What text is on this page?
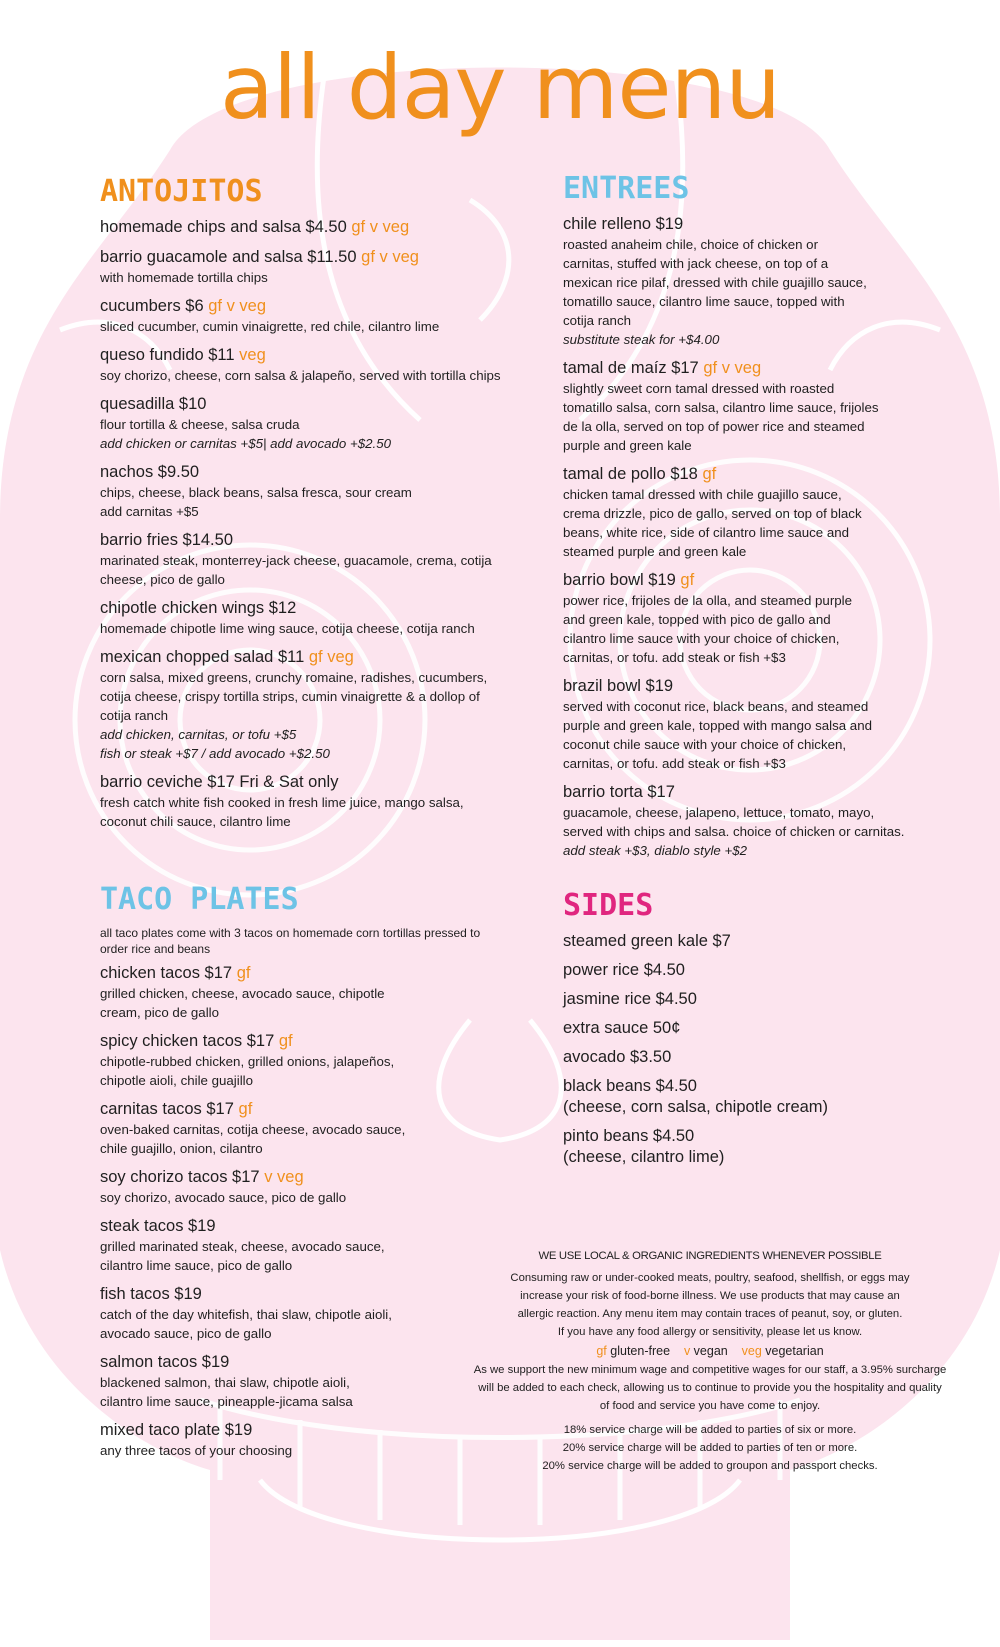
all day menu
ANTOJITOS
homemade chips and salsa $4.50 gf v veg
barrio guacamole and salsa $11.50 gf v veg
with homemade tortilla chips
cucumbers $6 gf v veg
sliced cucumber, cumin vinaigrette, red chile, cilantro lime
queso fundido $11 veg
soy chorizo, cheese, corn salsa & jalapeño, served with tortilla chips
quesadilla $10
flour tortilla & cheese, salsa cruda
add chicken or carnitas +$5| add avocado +$2.50
nachos $9.50
chips, cheese, black beans, salsa fresca, sour cream
add carnitas +$5
barrio fries $14.50
marinated steak, monterrey-jack cheese, guacamole, crema, cotija
cheese, pico de gallo
chipotle chicken wings $12
homemade chipotle lime wing sauce, cotija cheese, cotija ranch
mexican chopped salad $11 gf veg
corn salsa, mixed greens, crunchy romaine, radishes, cucumbers,
cotija cheese, crispy tortilla strips, cumin vinaigrette & a dollop of
cotija ranch
add chicken, carnitas, or tofu +$5
fish or steak +$7 / add avocado +$2.50
barrio ceviche $17 Fri & Sat only
fresh catch white fish cooked in fresh lime juice, mango salsa,
coconut chili sauce, cilantro lime
TACO PLATES
all taco plates come with 3 tacos on homemade corn tortillas pressed to
order rice and beans
chicken tacos $17 gf
grilled chicken, cheese, avocado sauce, chipotle
cream, pico de gallo
spicy chicken tacos $17 gf
chipotle-rubbed chicken, grilled onions, jalapeños,
chipotle aioli, chile guajillo
carnitas tacos $17 gf
oven-baked carnitas, cotija cheese, avocado sauce,
chile guajillo, onion, cilantro
soy chorizo tacos $17 v veg
soy chorizo, avocado sauce, pico de gallo
steak tacos $19
grilled marinated steak, cheese, avocado sauce,
cilantro lime sauce, pico de gallo
fish tacos $19
catch of the day whitefish, thai slaw, chipotle aioli,
avocado sauce, pico de gallo
salmon tacos $19
blackened salmon, thai slaw, chipotle aioli,
cilantro lime sauce, pineapple-jicama salsa
mixed taco plate $19
any three tacos of your choosing
ENTREES
chile relleno $19
roasted anaheim chile, choice of chicken or
carnitas, stuffed with jack cheese, on top of a
mexican rice pilaf, dressed with chile guajillo sauce,
tomatillo sauce, cilantro lime sauce, topped with
cotija ranch
substitute steak for +$4.00
tamal de maíz $17 gf v veg
slightly sweet corn tamal dressed with roasted
tomatillo salsa, corn salsa, cilantro lime sauce, frijoles
de la olla, served on top of power rice and steamed
purple and green kale
tamal de pollo $18 gf
chicken tamal dressed with chile guajillo sauce,
crema drizzle, pico de gallo, served on top of black
beans, white rice, side of cilantro lime sauce and
steamed purple and green kale
barrio bowl $19 gf
power rice, frijoles de la olla, and steamed purple
and green kale, topped with pico de gallo and
cilantro lime sauce with your choice of chicken,
carnitas, or tofu. add steak or fish +$3
brazil bowl $19
served with coconut rice, black beans, and steamed
purple and green kale, topped with mango salsa and
coconut chile sauce with your choice of chicken,
carnitas, or tofu. add steak or fish +$3
barrio torta $17
guacamole, cheese, jalapeno, lettuce, tomato, mayo,
served with chips and salsa. choice of chicken or carnitas.
add steak +$3, diablo style +$2
SIDES
steamed green kale $7
power rice $4.50
jasmine rice $4.50
extra sauce 50¢
avocado $3.50
black beans $4.50
(cheese, corn salsa, chipotle cream)
pinto beans $4.50
(cheese, cilantro lime)
WE USE LOCAL & ORGANIC INGREDIENTS WHENEVER POSSIBLE

Consuming raw or under-cooked meats, poultry, seafood, shellfish, or eggs may

increase your risk of food-borne illness. We use products that may cause an

allergic reaction. Any menu item may contain traces of peanut, soy, or gluten.

If you have any food allergy or sensitivity, please let us know.

gf gluten-free v vegan veg vegetarian

As we support the new minimum wage and competitive wages for our staff, a 3.95% surcharge

will be added to each check, allowing us to continue to provide you the hospitality and quality

of food and service you have come to enjoy.

18% service charge will be added to parties of six or more.

20% service charge will be added to parties of ten or more.

20% service charge will be added to groupon and passport checks.
